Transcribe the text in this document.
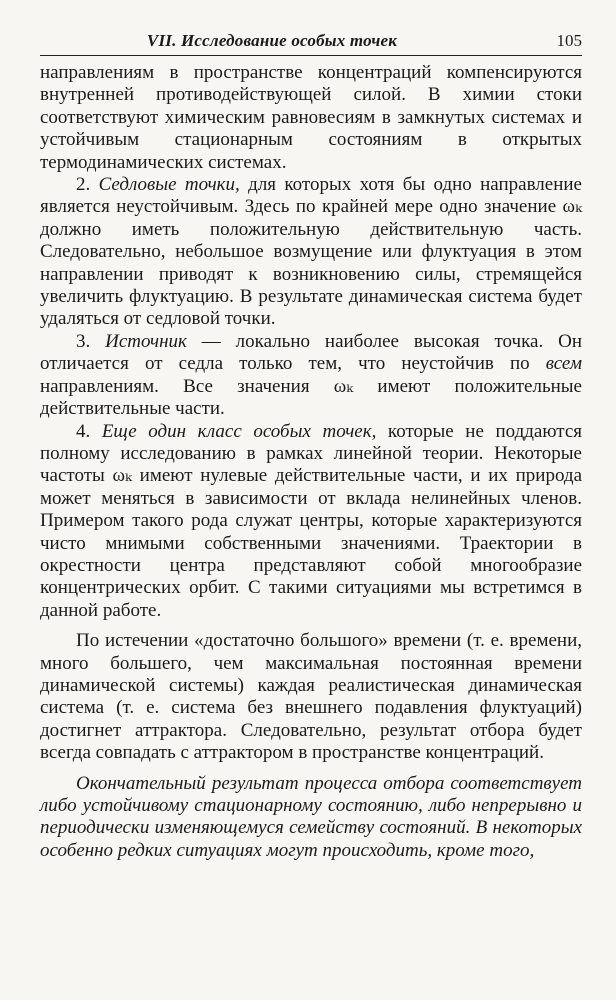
VII. Исследование особых точек	105

направлениям в пространстве концентраций компенсируются внутренней противодействующей силой. В химии стоки соответствуют химическим равновесиям в замкнутых системах и устойчивым стационарным состояниям в открытых термодинамических системах.

2. Седловые точки, для которых хотя бы одно направление является неустойчивым. Здесь по крайней мере одно значение ωₖ должно иметь положительную действительную часть. Следовательно, небольшое возмущение или флуктуация в этом направлении приводят к возникновению силы, стремящейся увеличить флуктуацию. В результате динамическая система будет удаляться от седловой точки.

3. Источник — локально наиболее высокая точка. Он отличается от седла только тем, что неустойчив по всем направлениям. Все значения ωₖ имеют положительные действительные части.

4. Еще один класс особых точек, которые не поддаются полному исследованию в рамках линейной теории. Некоторые частоты ωₖ имеют нулевые действительные части, и их природа может меняться в зависимости от вклада нелинейных членов. Примером такого рода служат центры, которые характеризуются чисто мнимыми собственными значениями. Траектории в окрестности центра представляют собой многообразие концентрических орбит. С такими ситуациями мы встретимся в данной работе.

По истечении «достаточно большого» времени (т. е. времени, много большего, чем максимальная постоянная времени динамической системы) каждая реалистическая динамическая система (т. е. система без внешнего подавления флуктуаций) достигнет аттрактора. Следовательно, результат отбора будет всегда совпадать с аттрактором в пространстве концентраций.

Окончательный результат процесса отбора соответствует либо устойчивому стационарному состоянию, либо непрерывно и периодически изменяющемуся семейству состояний. В некоторых особенно редких ситуациях могут происходить, кроме того,
